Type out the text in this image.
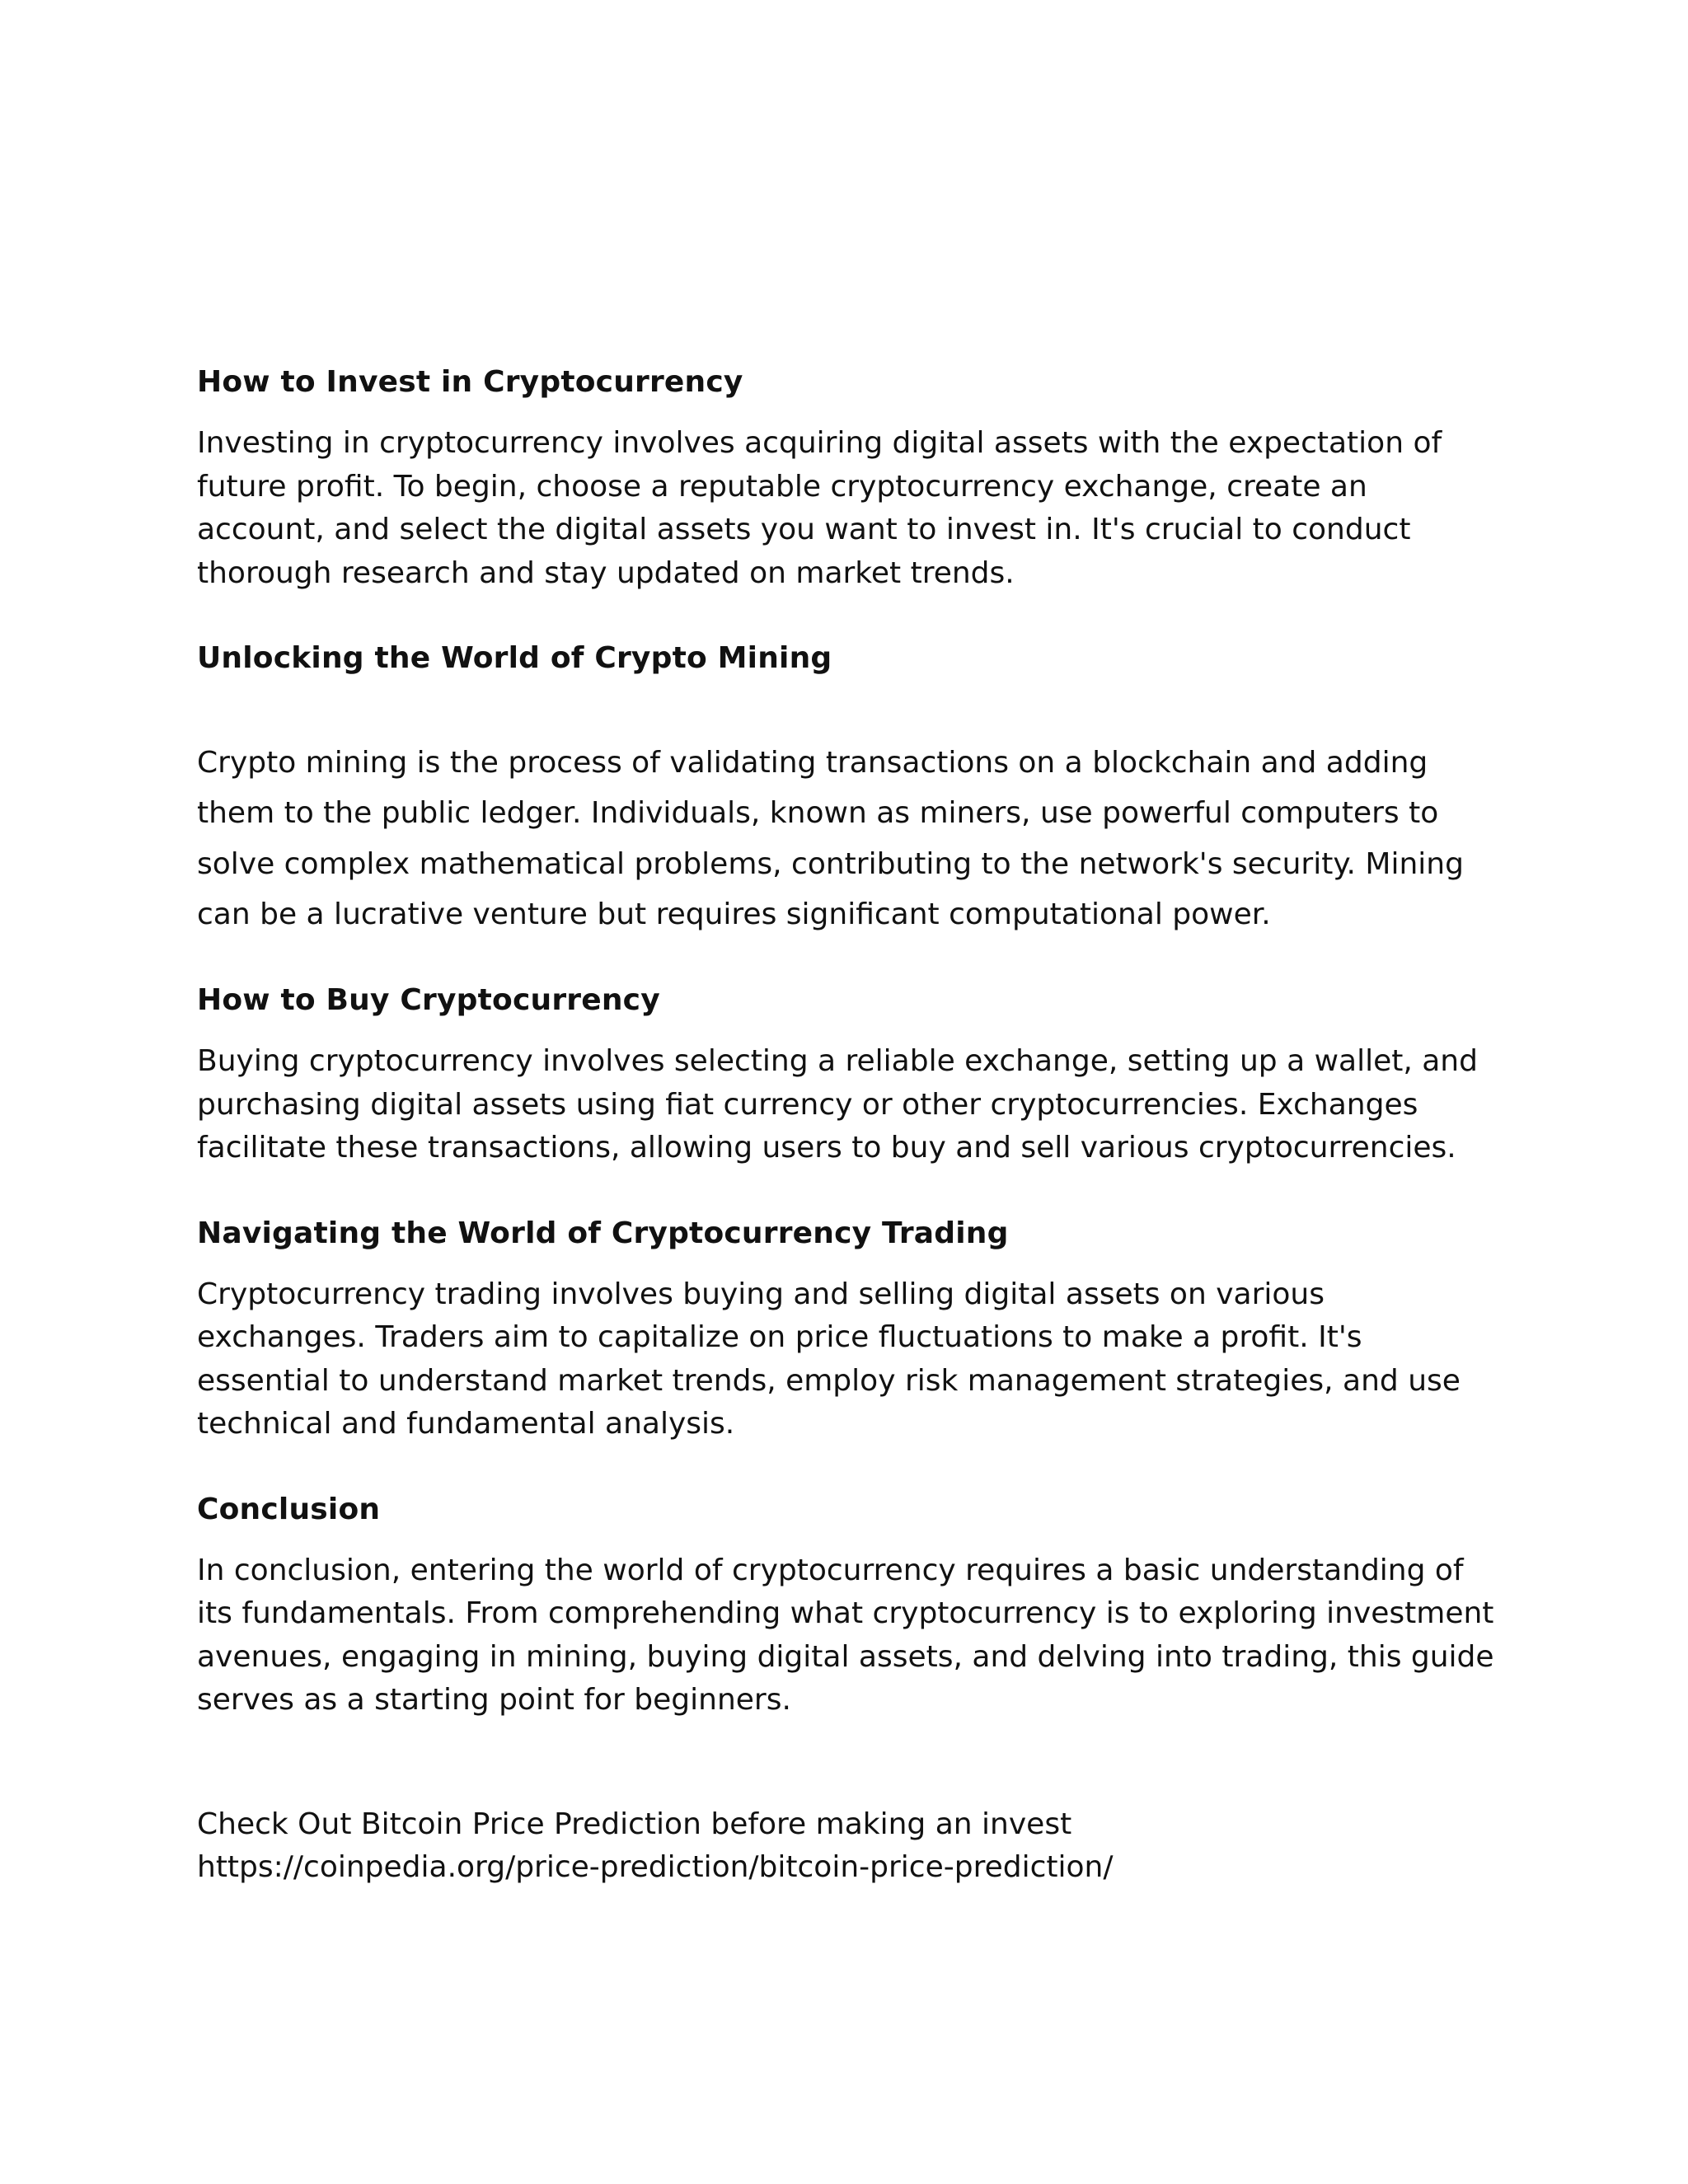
How to Invest in Cryptocurrency

Investing in cryptocurrency involves acquiring digital assets with the expectation of future profit. To begin, choose a reputable cryptocurrency exchange, create an account, and select the digital assets you want to invest in. It's crucial to conduct thorough research and stay updated on market trends.

Unlocking the World of Crypto Mining

Crypto mining is the process of validating transactions on a blockchain and adding them to the public ledger. Individuals, known as miners, use powerful computers to solve complex mathematical problems, contributing to the network's security. Mining can be a lucrative venture but requires significant computational power.

How to Buy Cryptocurrency

Buying cryptocurrency involves selecting a reliable exchange, setting up a wallet, and purchasing digital assets using fiat currency or other cryptocurrencies. Exchanges facilitate these transactions, allowing users to buy and sell various cryptocurrencies.

Navigating the World of Cryptocurrency Trading

Cryptocurrency trading involves buying and selling digital assets on various exchanges. Traders aim to capitalize on price fluctuations to make a profit. It's essential to understand market trends, employ risk management strategies, and use technical and fundamental analysis.

Conclusion

In conclusion, entering the world of cryptocurrency requires a basic understanding of its fundamentals. From comprehending what cryptocurrency is to exploring investment avenues, engaging in mining, buying digital assets, and delving into trading, this guide serves as a starting point for beginners.

Check Out Bitcoin Price Prediction before making an invest
https://coinpedia.org/price-prediction/bitcoin-price-prediction/
